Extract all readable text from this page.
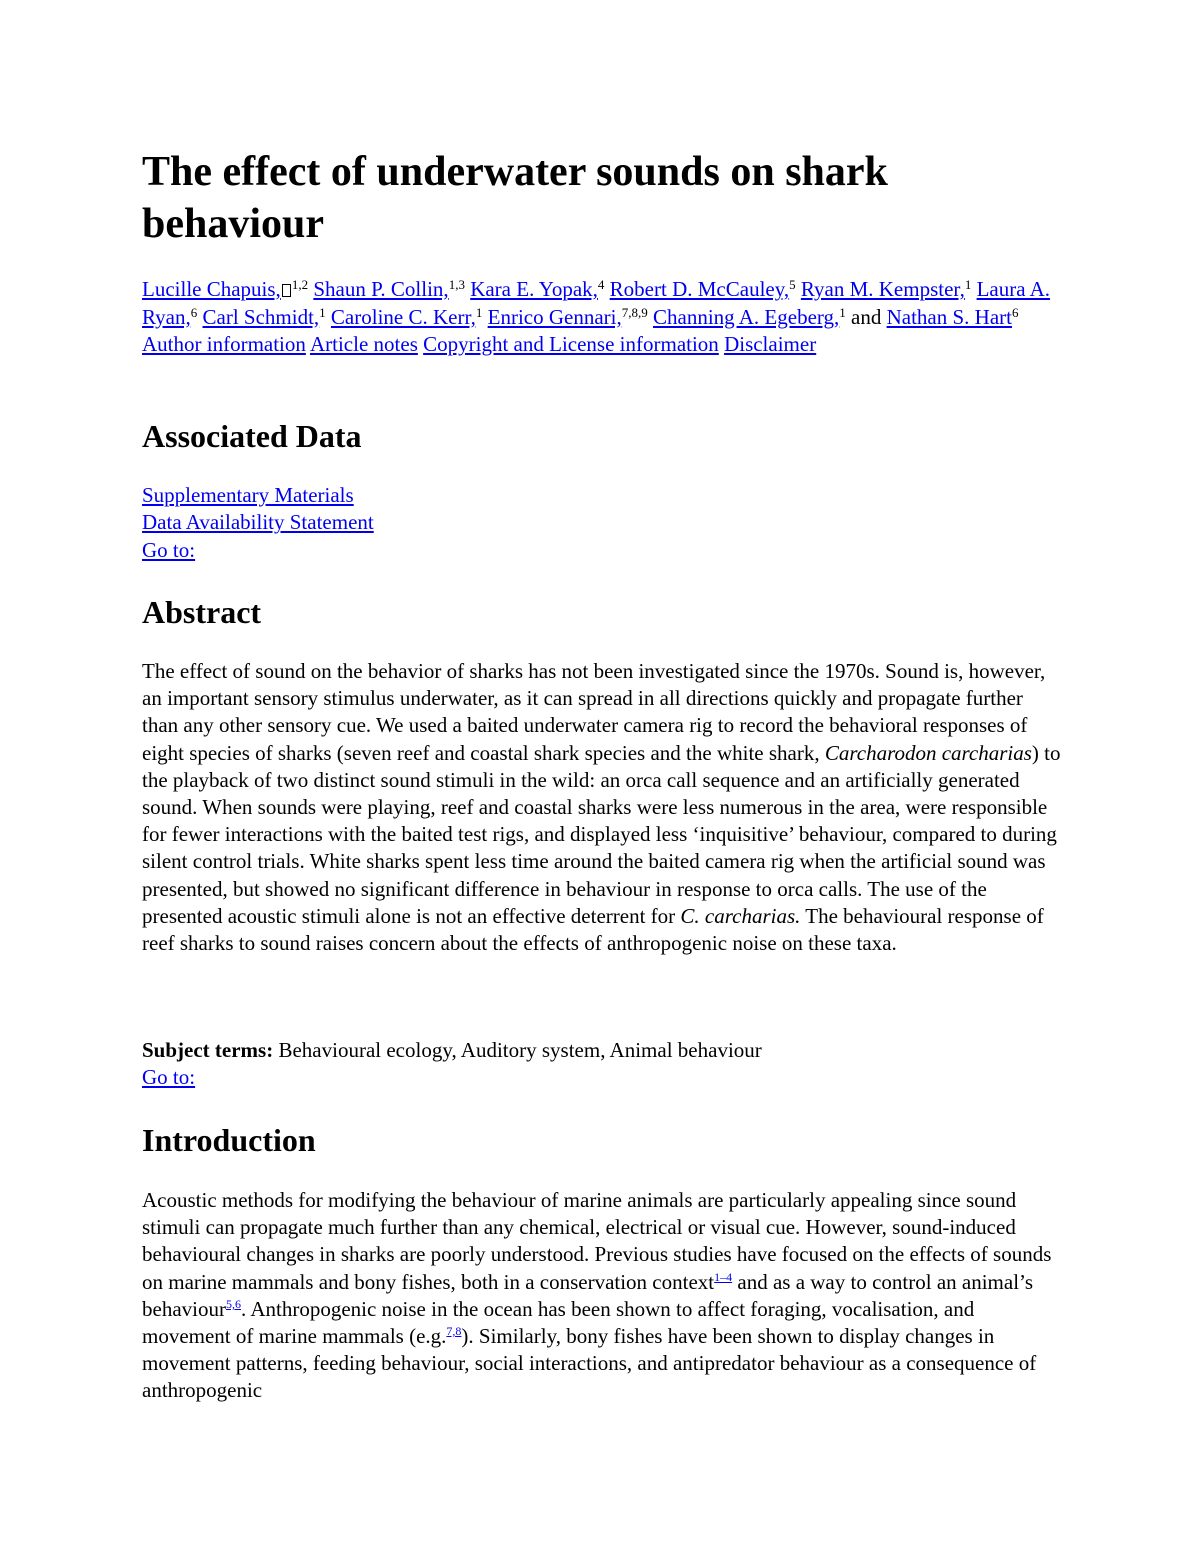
The effect of underwater sounds on shark behaviour
Lucille Chapuis, $^{1,2}$ Shaun P. Collin,$^{1,3}$ Kara E. Yopak,$^4$ Robert D. McCauley,$^5$ Ryan M. Kempster,$^1$ Laura A. Ryan,$^6$ Carl Schmidt,$^1$ Caroline C. Kerr,$^1$ Enrico Gennari,$^{7,8,9}$ Channing A. Egeberg,$^1$ and Nathan S. Hart$^6$
Author information Article notes Copyright and License information Disclaimer
Associated Data
Supplementary Materials
Data Availability Statement
Go to:
Abstract
The effect of sound on the behavior of sharks has not been investigated since the 1970s. Sound is, however, an important sensory stimulus underwater, as it can spread in all directions quickly and propagate further than any other sensory cue. We used a baited underwater camera rig to record the behavioral responses of eight species of sharks (seven reef and coastal shark species and the white shark, Carcharodon carcharias) to the playback of two distinct sound stimuli in the wild: an orca call sequence and an artificially generated sound. When sounds were playing, reef and coastal sharks were less numerous in the area, were responsible for fewer interactions with the baited test rigs, and displayed less ‘inquisitive’ behaviour, compared to during silent control trials. White sharks spent less time around the baited camera rig when the artificial sound was presented, but showed no significant difference in behaviour in response to orca calls. The use of the presented acoustic stimuli alone is not an effective deterrent for C. carcharias. The behavioural response of reef sharks to sound raises concern about the effects of anthropogenic noise on these taxa.
Subject terms: Behavioural ecology, Auditory system, Animal behaviour
Go to:
Introduction
Acoustic methods for modifying the behaviour of marine animals are particularly appealing since sound stimuli can propagate much further than any chemical, electrical or visual cue. However, sound-induced behavioural changes in sharks are poorly understood. Previous studies have focused on the effects of sounds on marine mammals and bony fishes, both in a conservation context$^{1-4}$ and as a way to control an animal’s behaviour$^{5,6}$. Anthropogenic noise in the ocean has been shown to affect foraging, vocalisation, and movement of marine mammals (e.g.$^{7,8}$). Similarly, bony fishes have been shown to display changes in movement patterns, feeding behaviour, social interactions, and antipredator behaviour as a consequence of anthropogenic
